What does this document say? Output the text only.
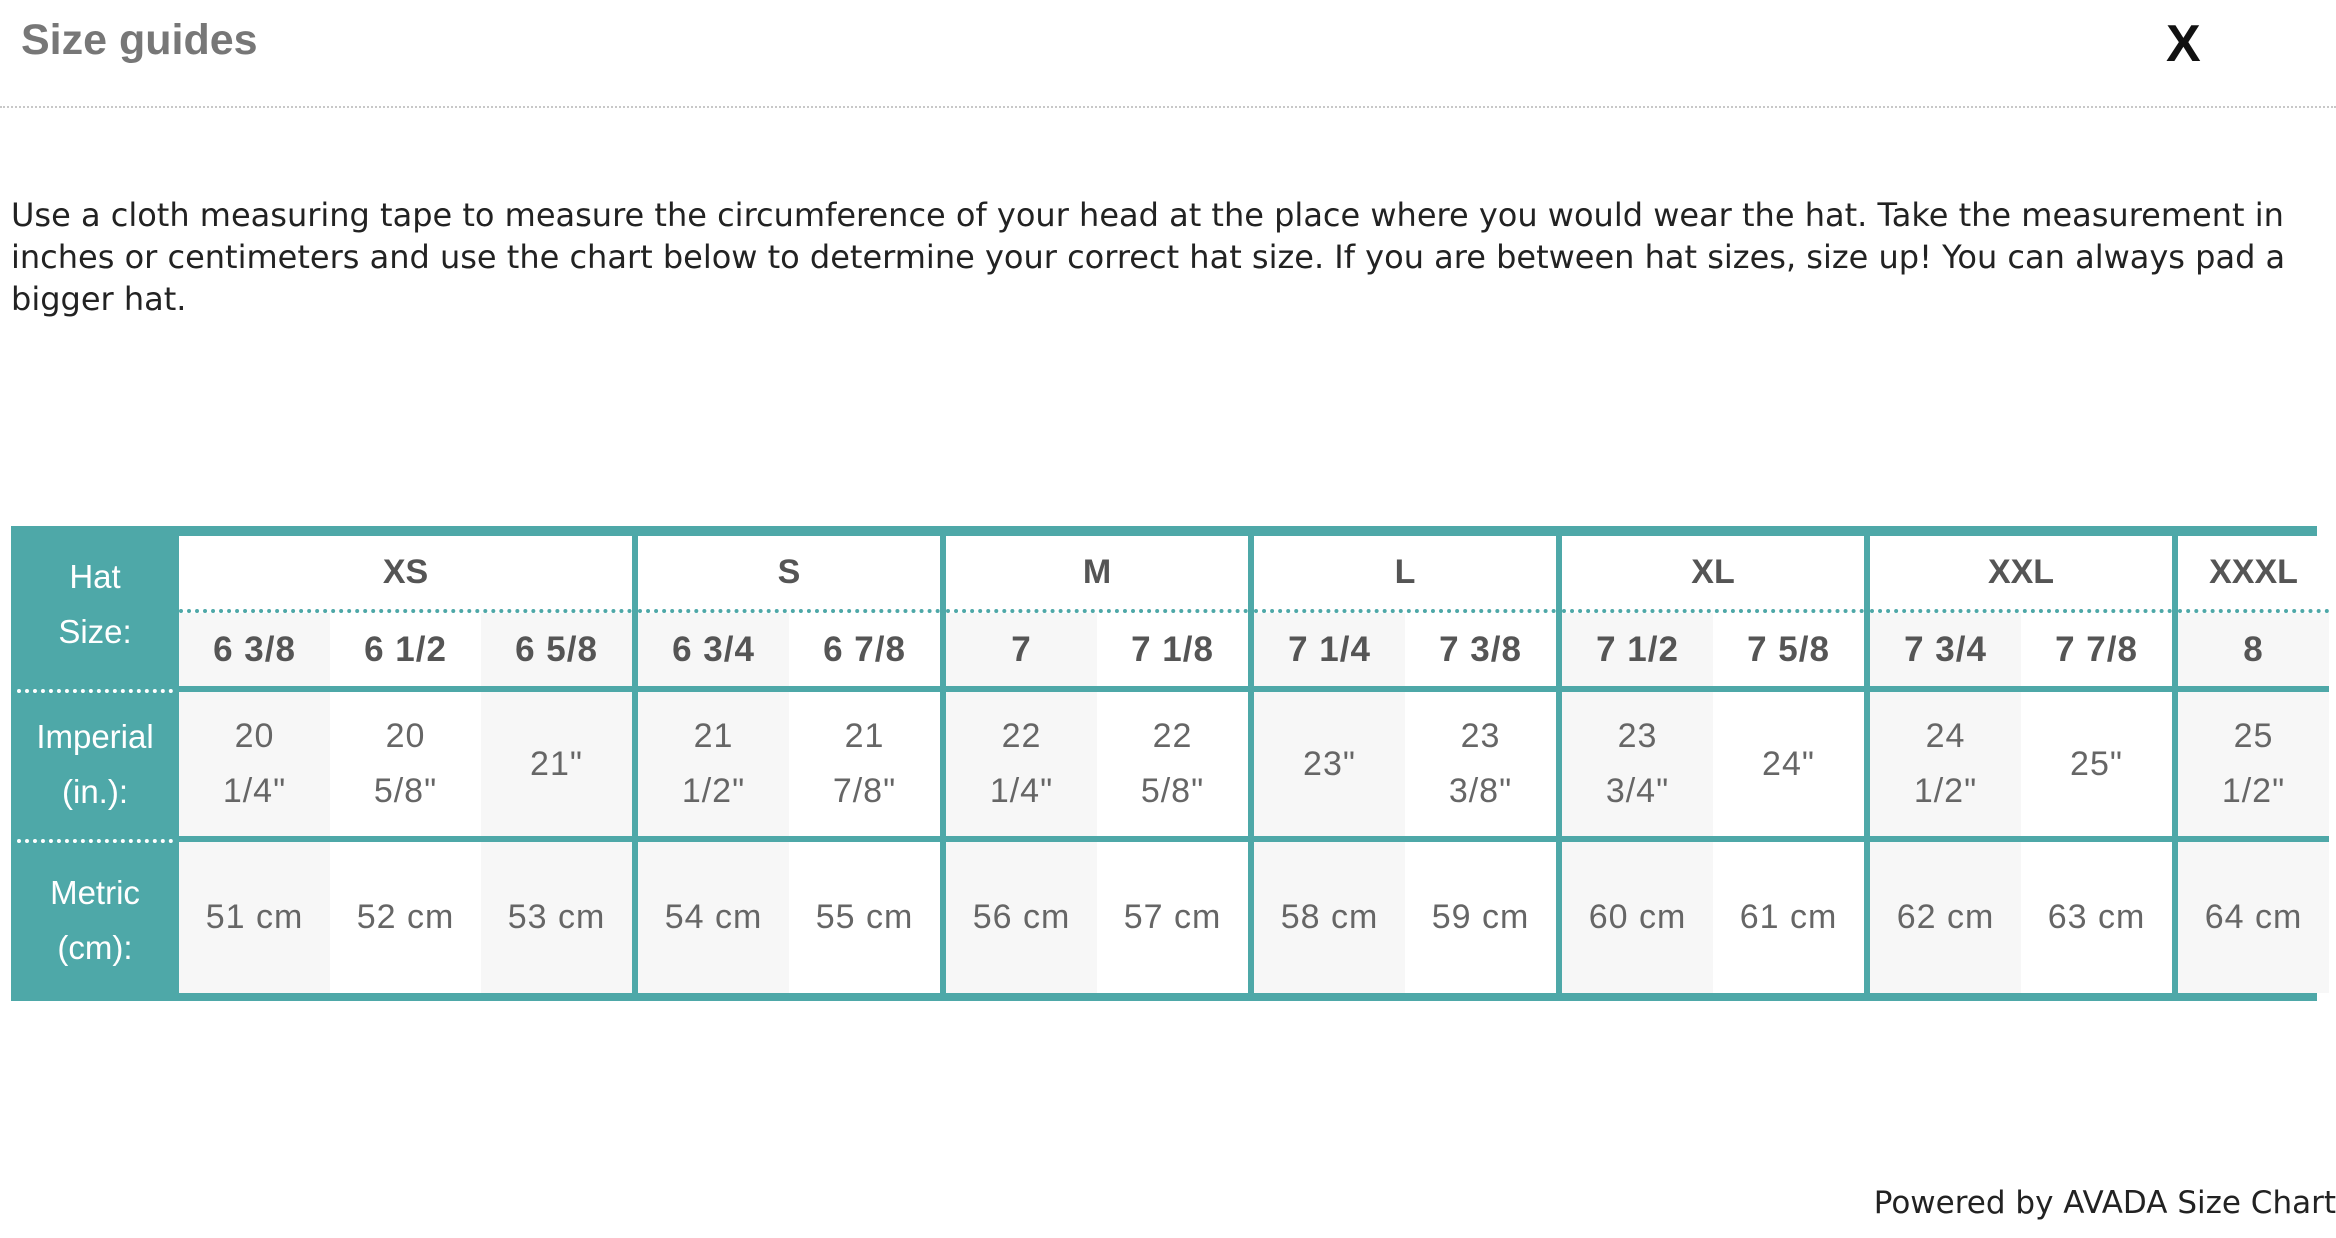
Size guides	X
Use a cloth measuring tape to measure the circumference of your head at the place where you would wear the hat. Take the measurement in inches or centimeters and use the chart below to determine your correct hat size. If you are between hat sizes, size up! You can always pad a bigger hat.
Hat
Size:
Imperial
(in.):
Metric
(cm):
XS
6 3/8
20
1/4"
51 cm
6 1/2
20
5/8"
52 cm
6 5/8
21"
53 cm
S
6 3/4
21
1/2"
54 cm
6 7/8
21
7/8"
55 cm
M
7
22
1/4"
56 cm
7 1/8
22
5/8"
57 cm
L
7 1/4
23"
58 cm
7 3/8
23
3/8"
59 cm
XL
7 1/2
23
3/4"
60 cm
7 5/8
24"
61 cm
XXL
7 3/4
24
1/2"
62 cm
7 7/8
25"
63 cm
XXXL
8
25
1/2"
64 cm
Powered by AVADA Size Chart
